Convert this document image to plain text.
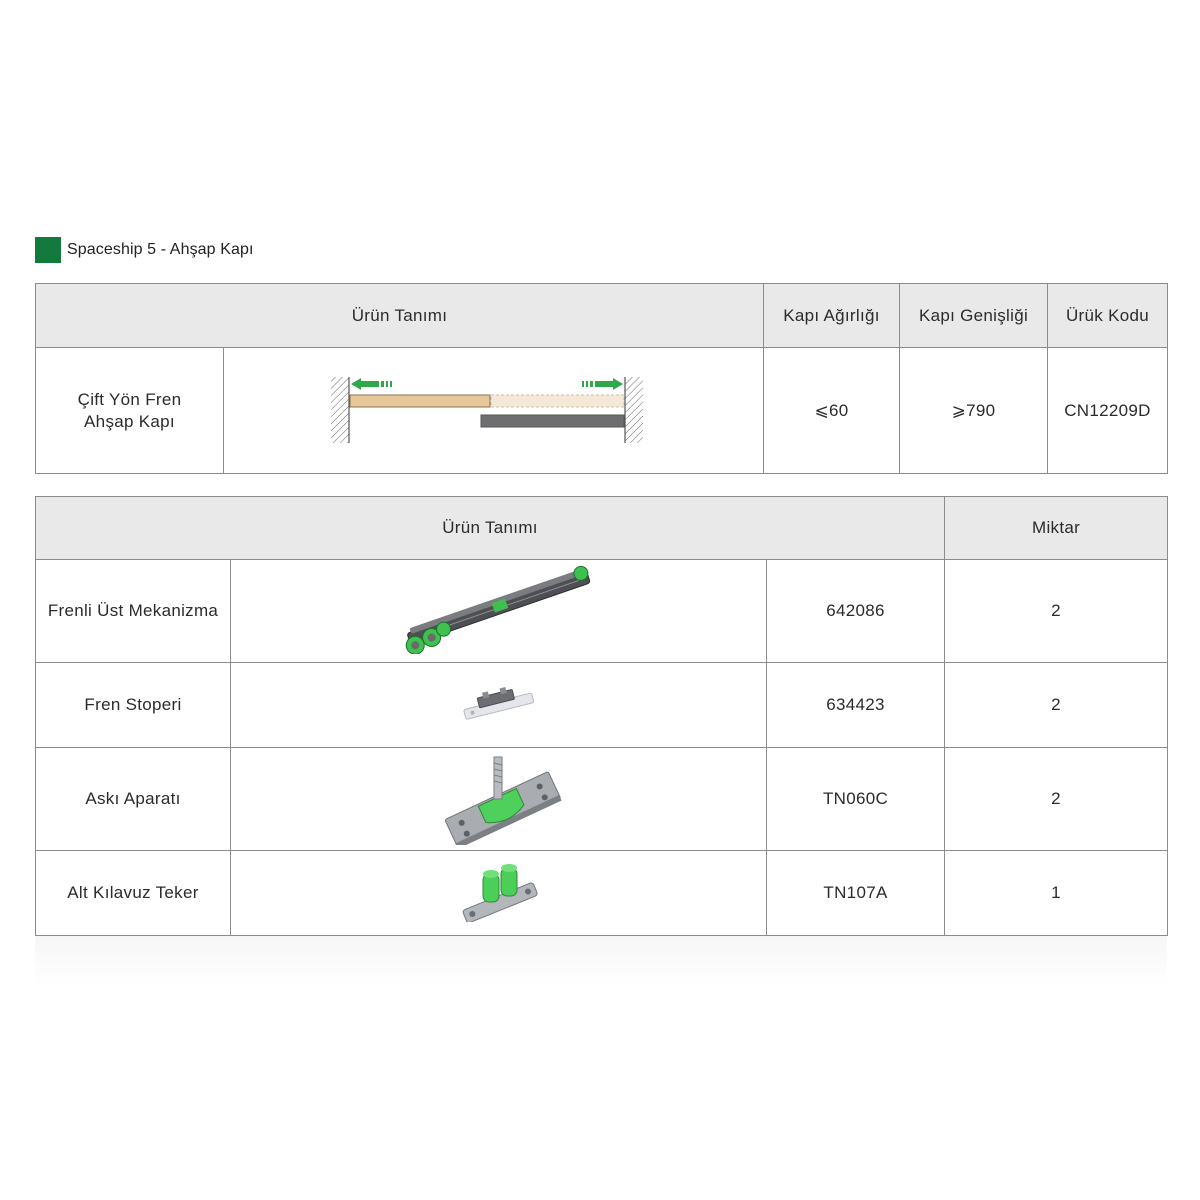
Spaceship 5 - Ahşap Kapı
Ürün Tanımı		Kapı Ağırlığı	Kapı Genişliği	Ürük Kodu

Çift Yön Fren
Ahşap Kapı		⩽60	⩾790	CN12209D
Ürün Tanımı			Miktar
Frenli Üst Mekanizma		642086	2
Fren Stoperi		634423	2
Askı Aparatı		TN060C	2
Alt Kılavuz Teker		TN107A	1
